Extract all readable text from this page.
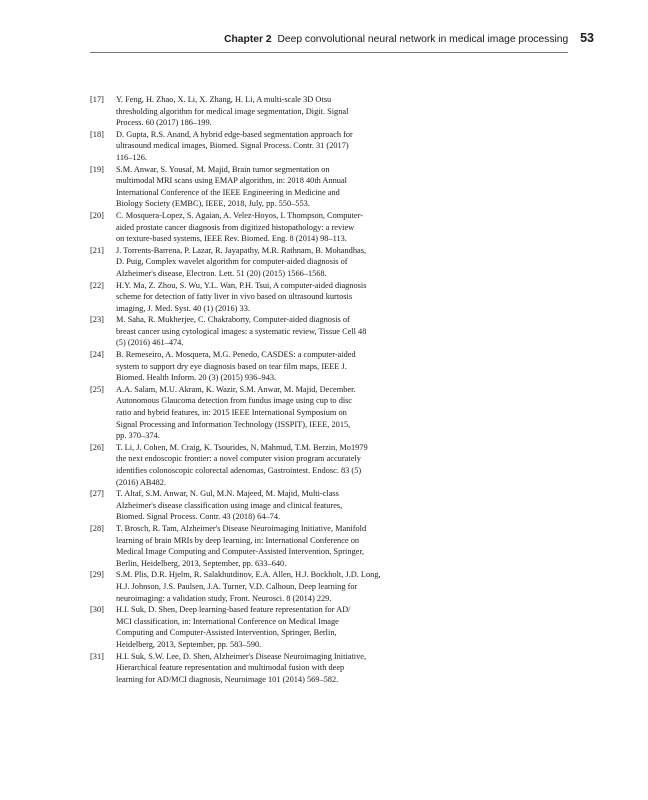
Chapter 2 Deep convolutional neural network in medical image processing 53
[17] Y. Feng, H. Zhao, X. Li, X. Zhang, H. Li, A multi-scale 3D Otsu
thresholding algorithm for medical image segmentation, Digit. Signal
Process. 60 (2017) 186–199.
[18] D. Gupta, R.S. Anand, A hybrid edge-based segmentation approach for
ultrasound medical images, Biomed. Signal Process. Contr. 31 (2017)
116–126.
[19] S.M. Anwar, S. Yousaf, M. Majid, Brain tumor segmentation on
multimodal MRI scans using EMAP algorithm, in: 2018 40th Annual
International Conference of the IEEE Engineering in Medicine and
Biology Society (EMBC), IEEE, 2018, July, pp. 550–553.
[20] C. Mosquera-Lopez, S. Agaian, A. Velez-Hoyos, I. Thompson, Computer-
aided prostate cancer diagnosis from digitized histopathology: a review
on texture-based systems, IEEE Rev. Biomed. Eng. 8 (2014) 98–113.
[21] J. Torrents-Barrena, P. Lazar, R. Jayapathy, M.R. Rathnam, B. Mohandhas,
D. Puig, Complex wavelet algorithm for computer-aided diagnosis of
Alzheimer's disease, Electron. Lett. 51 (20) (2015) 1566–1568.
[22] H.Y. Ma, Z. Zhou, S. Wu, Y.L. Wan, P.H. Tsui, A computer-aided diagnosis
scheme for detection of fatty liver in vivo based on ultrasound kurtosis
imaging, J. Med. Syst. 40 (1) (2016) 33.
[23] M. Saha, R. Mukherjee, C. Chakraborty, Computer-aided diagnosis of
breast cancer using cytological images: a systematic review, Tissue Cell 48
(5) (2016) 461–474.
[24] B. Remeseiro, A. Mosquera, M.G. Penedo, CASDES: a computer-aided
system to support dry eye diagnosis based on tear film maps, IEEE J.
Biomed. Health Inform. 20 (3) (2015) 936–943.
[25] A.A. Salam, M.U. Akram, K. Wazir, S.M. Anwar, M. Majid, December.
Autonomous Glaucoma detection from fundus image using cup to disc
ratio and hybrid features, in: 2015 IEEE International Symposium on
Signal Processing and Information Technology (ISSPIT), IEEE, 2015,
pp. 370–374.
[26] T. Li, J. Cohen, M. Craig, K. Tsourides, N. Mahmud, T.M. Berzin, Mo1979
the next endoscopic frontier: a novel computer vision program accurately
identifies colonoscopic colorectal adenomas, Gastrointest. Endosc. 83 (5)
(2016) AB482.
[27] T. Altaf, S.M. Anwar, N. Gul, M.N. Majeed, M. Majid, Multi-class
Alzheimer's disease classification using image and clinical features,
Biomed. Signal Process. Contr. 43 (2018) 64–74.
[28] T. Brosch, R. Tam, Alzheimer's Disease Neuroimaging Initiative, Manifold
learning of brain MRIs by deep learning, in: International Conference on
Medical Image Computing and Computer-Assisted Intervention, Springer,
Berlin, Heidelberg, 2013, September, pp. 633–640.
[29] S.M. Plis, D.R. Hjelm, R. Salakhutdinov, E.A. Allen, H.J. Bockholt, J.D. Long,
H.J. Johnson, J.S. Paulsen, J.A. Turner, V.D. Calhoun, Deep learning for
neuroimaging: a validation study, Front. Neurosci. 8 (2014) 229.
[30] H.I. Suk, D. Shen, Deep learning-based feature representation for AD/
MCI classification, in: International Conference on Medical Image
Computing and Computer-Assisted Intervention, Springer, Berlin,
Heidelberg, 2013, September, pp. 583–590.
[31] H.I. Suk, S.W. Lee, D. Shen, Alzheimer's Disease Neuroimaging Initiative,
Hierarchical feature representation and multimodal fusion with deep
learning for AD/MCI diagnosis, Neuroimage 101 (2014) 569–582.
